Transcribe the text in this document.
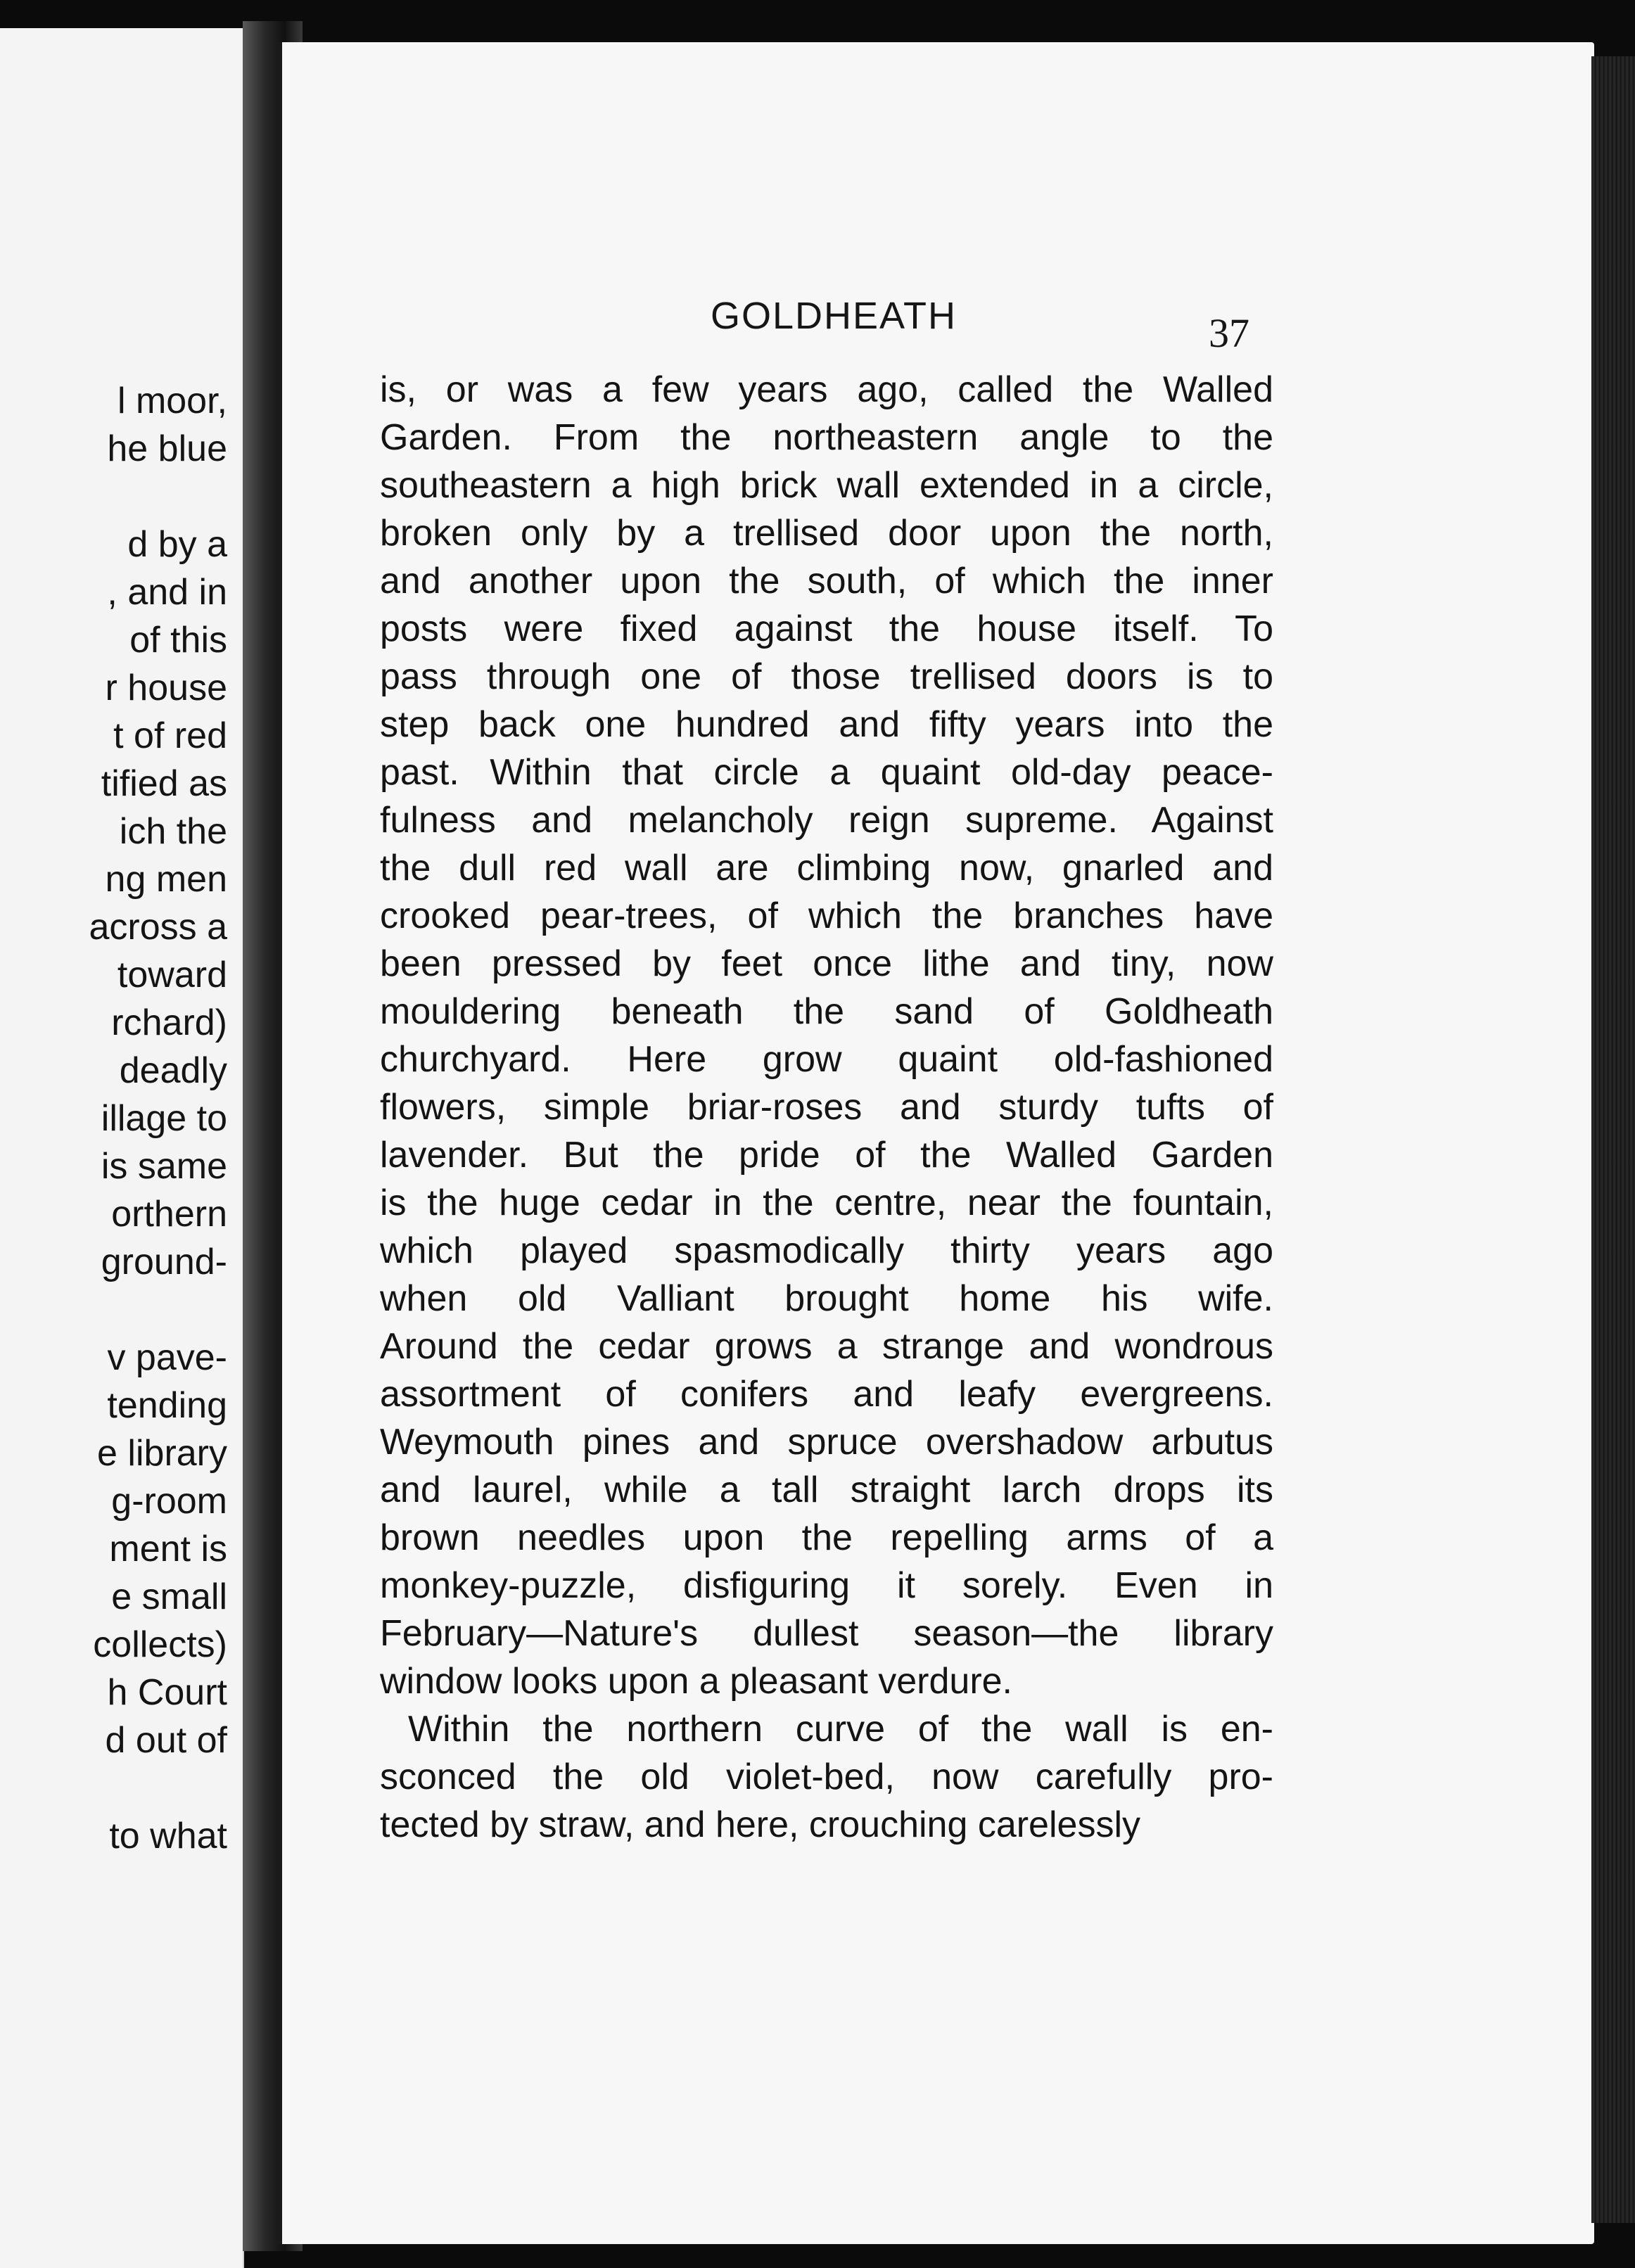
l moor,
he blue
d by a
, and in
of this
r house
t of red
tified as
ich the
ng men
across a
toward
rchard)
deadly
illage to
is same
orthern
ground-
v pave-
tending
e library
g-room
ment is
e small
collects)
h Court
d out of
to what
GOLDHEATH	37
is, or was a few years ago, called the Walled
Garden. From the northeastern angle to the
southeastern a high brick wall extended in a circle,
broken only by a trellised door upon the north,
and another upon the south, of which the inner
posts were fixed against the house itself. To
pass through one of those trellised doors is to
step back one hundred and fifty years into the
past. Within that circle a quaint old-day peace-
fulness and melancholy reign supreme. Against
the dull red wall are climbing now, gnarled and
crooked pear-trees, of which the branches have
been pressed by feet once lithe and tiny, now
mouldering beneath the sand of Goldheath
churchyard. Here grow quaint old-fashioned
flowers, simple briar-roses and sturdy tufts of
lavender. But the pride of the Walled Garden
is the huge cedar in the centre, near the fountain,
which played spasmodically thirty years ago
when old Valliant brought home his wife.
Around the cedar grows a strange and wondrous
assortment of conifers and leafy evergreens.
Weymouth pines and spruce overshadow arbutus
and laurel, while a tall straight larch drops its
brown needles upon the repelling arms of a
monkey-puzzle, disfiguring it sorely. Even in
February—Nature's dullest season—the library
window looks upon a pleasant verdure.
Within the northern curve of the wall is en-
sconced the old violet-bed, now carefully pro-
tected by straw, and here, crouching carelessly
